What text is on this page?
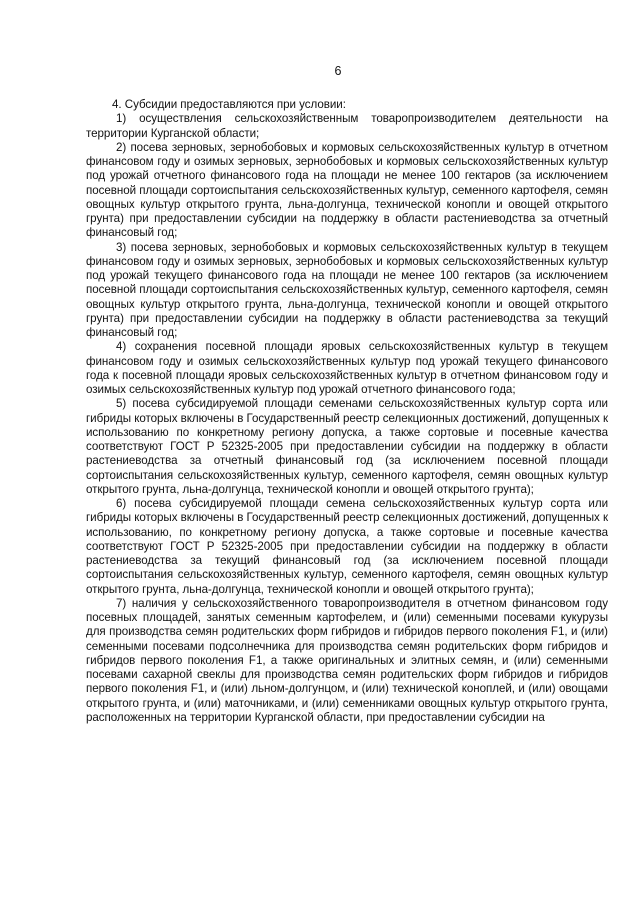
6

4. Субсидии предоставляются при условии:

1) осуществления сельскохозяйственным товаропроизводителем деятельности на территории Курганской области;

2) посева зерновых, зернобобовых и кормовых сельскохозяйственных культур в отчетном финансовом году и озимых зерновых, зернобобовых и кормовых сельскохозяйственных культур под урожай отчетного финансового года на площади не менее 100 гектаров (за исключением посевной площади сортоиспытания сельскохозяйственных культур, семенного картофеля, семян овощных культур открытого грунта, льна-долгунца, технической конопли и овощей открытого грунта) при предоставлении субсидии на поддержку в области растениеводства за отчетный финансовый год;

3) посева зерновых, зернобобовых и кормовых сельскохозяйственных культур в текущем финансовом году и озимых зерновых, зернобобовых и кормовых сельскохозяйственных культур под урожай текущего финансового года на площади не менее 100 гектаров (за исключением посевной площади сортоиспытания сельскохозяйственных культур, семенного картофеля, семян овощных культур открытого грунта, льна-долгунца, технической конопли и овощей открытого грунта) при предоставлении субсидии на поддержку в области растениеводства за текущий финансовый год;

4) сохранения посевной площади яровых сельскохозяйственных культур в текущем финансовом году и озимых сельскохозяйственных культур под урожай текущего финансового года к посевной площади яровых сельскохозяйственных культур в отчетном финансовом году и озимых сельскохозяйственных культур под урожай отчетного финансового года;

5) посева субсидируемой площади семенами сельскохозяйственных культур сорта или гибриды которых включены в Государственный реестр селекционных достижений, допущенных к использованию по конкретному региону допуска, а также сортовые и посевные качества соответствуют ГОСТ Р 52325-2005 при предоставлении субсидии на поддержку в области растениеводства за отчетный финансовый год (за исключением посевной площади сортоиспытания сельскохозяйственных культур, семенного картофеля, семян овощных культур открытого грунта, льна-долгунца, технической конопли и овощей открытого грунта);

6) посева субсидируемой площади семена сельскохозяйственных культур сорта или гибриды которых включены в Государственный реестр селекционных достижений, допущенных к использованию, по конкретному региону допуска, а также сортовые и посевные качества соответствуют ГОСТ Р 52325-2005 при предоставлении субсидии на поддержку в области растениеводства за текущий финансовый год (за исключением посевной площади сортоиспытания сельскохозяйственных культур, семенного картофеля, семян овощных культур открытого грунта, льна-долгунца, технической конопли и овощей открытого грунта);

7) наличия у сельскохозяйственного товаропроизводителя в отчетном финансовом году посевных площадей, занятых семенным картофелем, и (или) семенными посевами кукурузы для производства семян родительских форм гибридов и гибридов первого поколения F1, и (или) семенными посевами подсолнечника для производства семян родительских форм гибридов и гибридов первого поколения F1, а также оригинальных и элитных семян, и (или) семенными посевами сахарной свеклы для производства семян родительских форм гибридов и гибридов первого поколения F1, и (или) льном-долгунцом, и (или) технической коноплей, и (или) овощами открытого грунта, и (или) маточниками, и (или) семенниками овощных культур открытого грунта, расположенных на территории Курганской области, при предоставлении субсидии на
